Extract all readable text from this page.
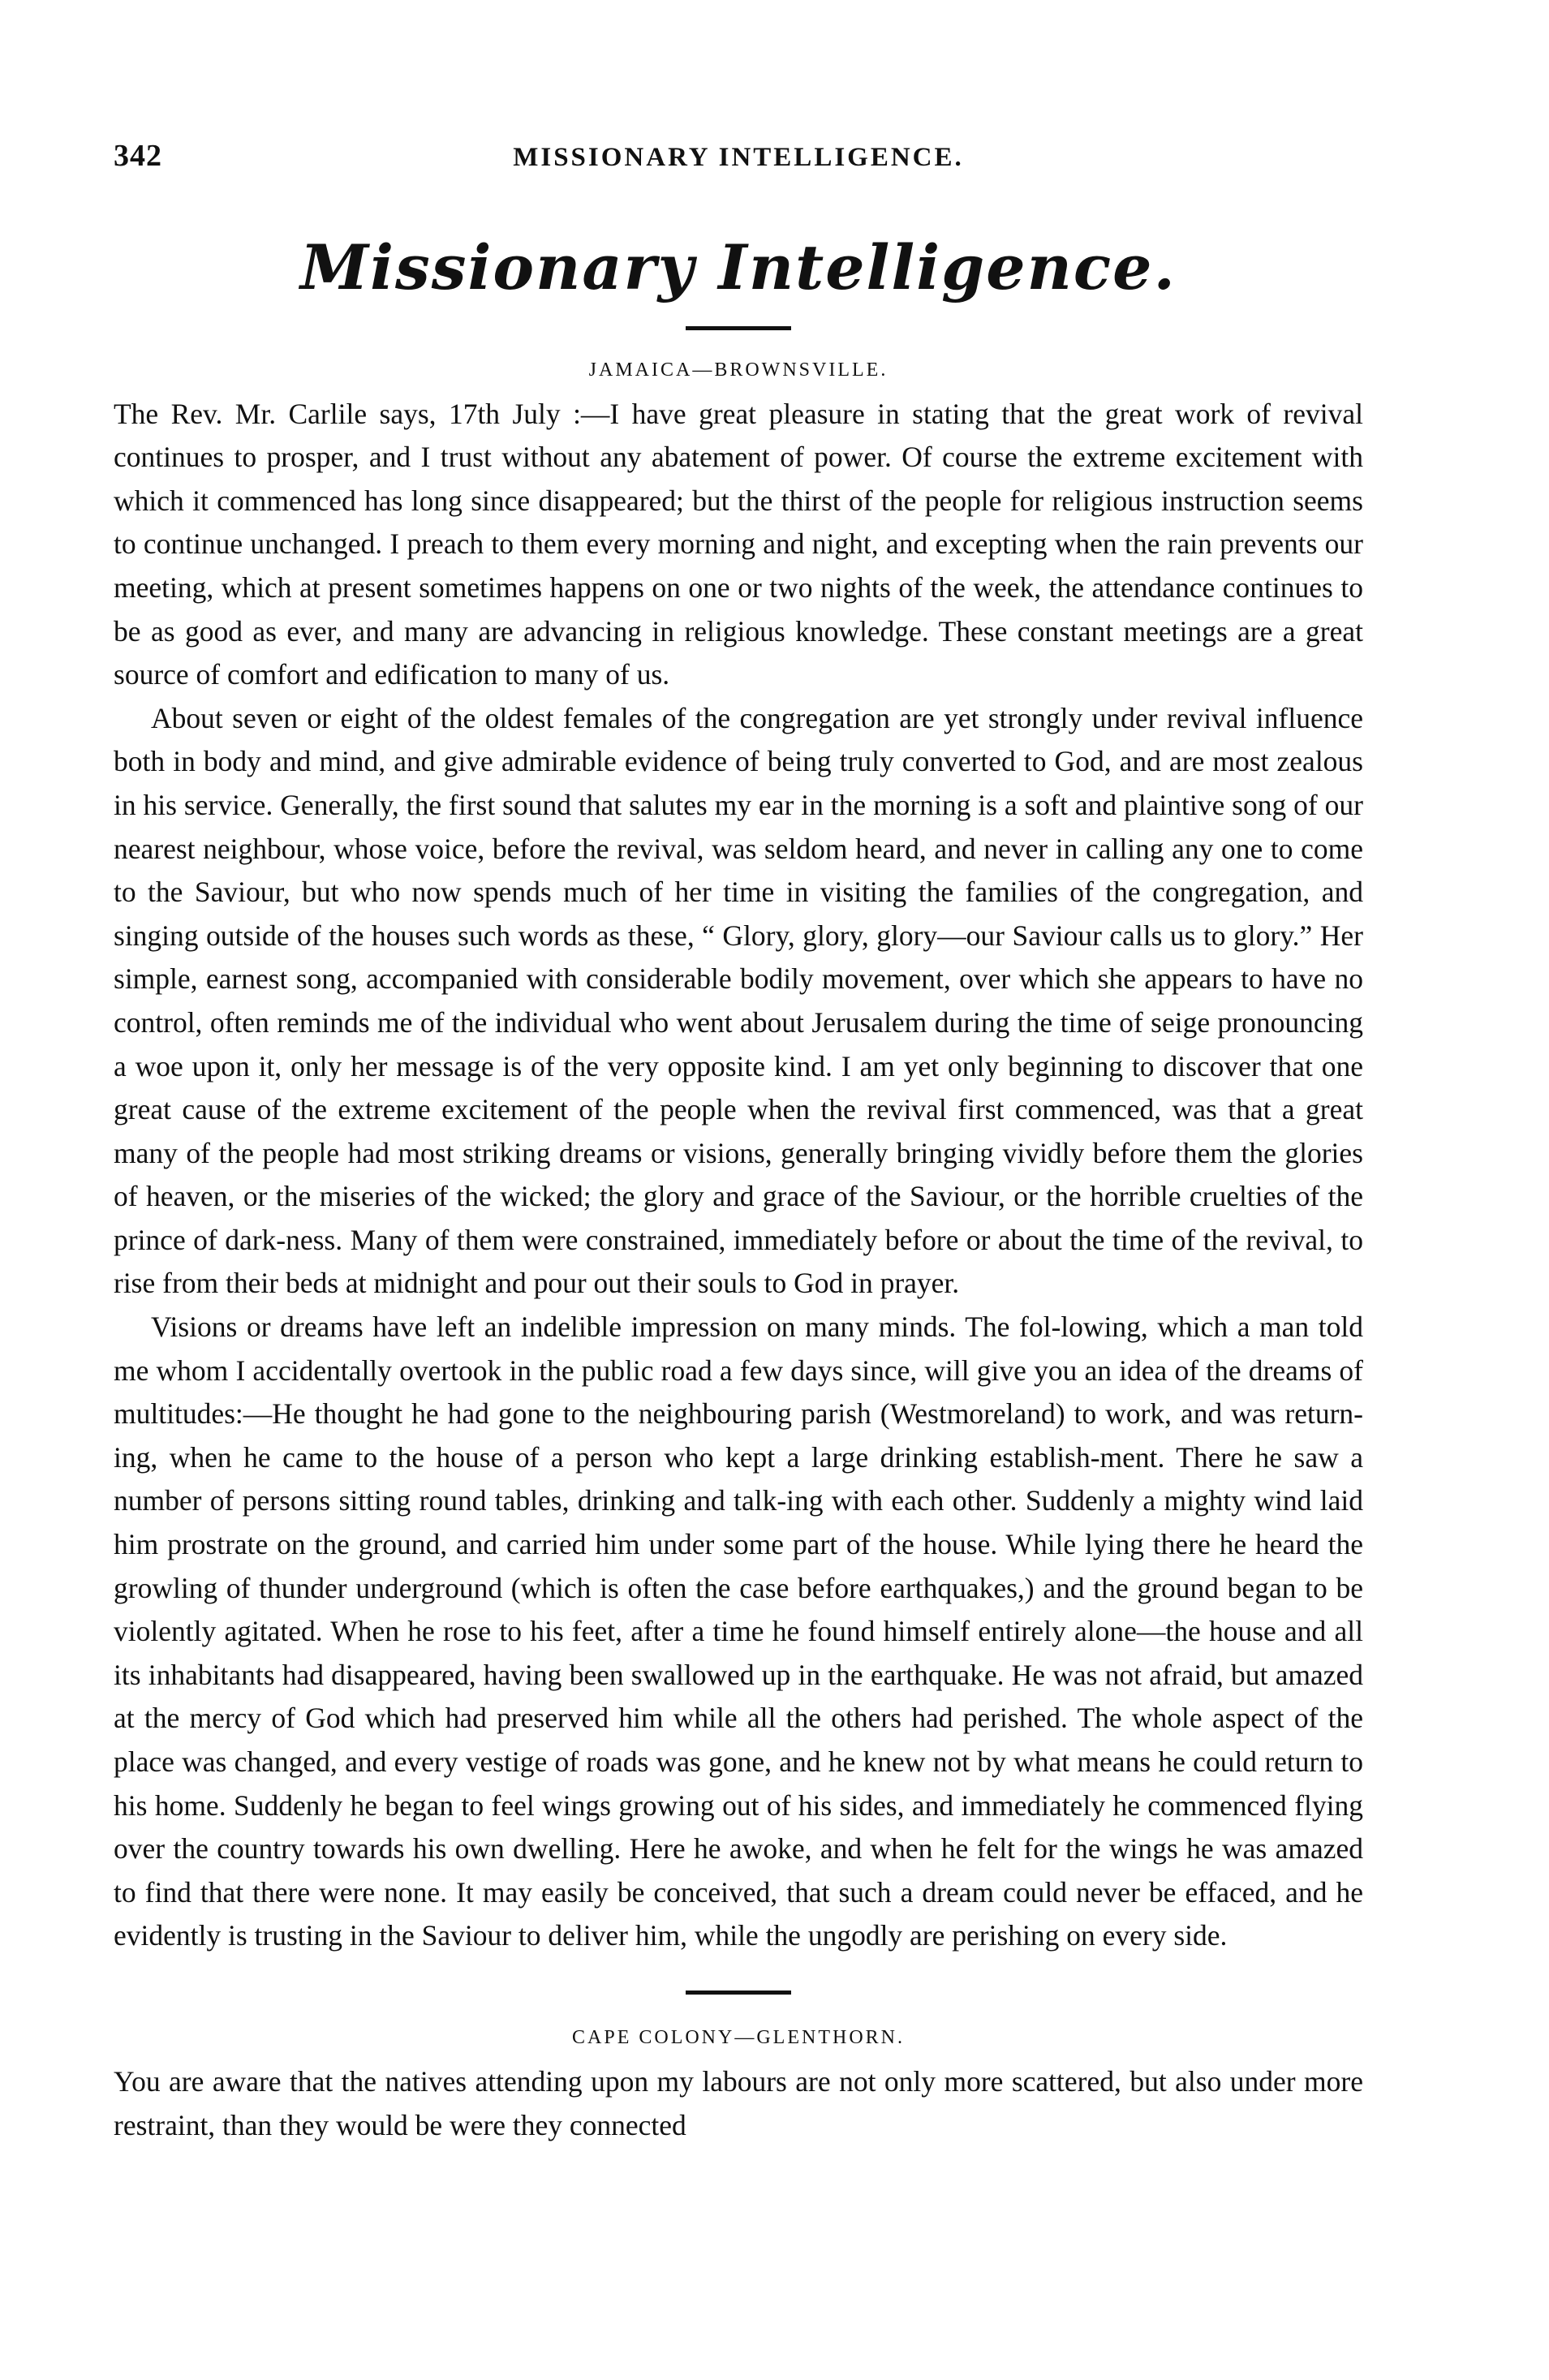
342	MISSIONARY INTELLIGENCE.
Missionary Intelligence.
JAMAICA—BROWNSVILLE.

The Rev. Mr. Carlile says, 17th July :—I have great pleasure in stating that the great work of revival continues to prosper, and I trust without any abatement of power. Of course the extreme excitement with which it commenced has long since disappeared; but the thirst of the people for religious instruction seems to continue unchanged. I preach to them every morning and night, and excepting when the rain prevents our meeting, which at present sometimes happens on one or two nights of the week, the attendance continues to be as good as ever, and many are advancing in religious knowledge. These constant meetings are a great source of comfort and edification to many of us.

About seven or eight of the oldest females of the congregation are yet strongly under revival influence both in body and mind, and give admirable evidence of being truly converted to God, and are most zealous in his service. Generally, the first sound that salutes my ear in the morning is a soft and plaintive song of our nearest neighbour, whose voice, before the revival, was seldom heard, and never in calling any one to come to the Saviour, but who now spends much of her time in visiting the families of the congregation, and singing outside of the houses such words as these, “ Glory, glory, glory—our Saviour calls us to glory.” Her simple, earnest song, accompanied with considerable bodily movement, over which she appears to have no control, often reminds me of the individual who went about Jerusalem during the time of seige pronouncing a woe upon it, only her message is of the very opposite kind. I am yet only beginning to discover that one great cause of the extreme excitement of the people when the revival first commenced, was that a great many of the people had most striking dreams or visions, generally bringing vividly before them the glories of heaven, or the miseries of the wicked; the glory and grace of the Saviour, or the horrible cruelties of the prince of dark-ness. Many of them were constrained, immediately before or about the time of the revival, to rise from their beds at midnight and pour out their souls to God in prayer.

Visions or dreams have left an indelible impression on many minds. The fol-lowing, which a man told me whom I accidentally overtook in the public road a few days since, will give you an idea of the dreams of multitudes:—He thought he had gone to the neighbouring parish (Westmoreland) to work, and was return-ing, when he came to the house of a person who kept a large drinking establish-ment. There he saw a number of persons sitting round tables, drinking and talk-ing with each other. Suddenly a mighty wind laid him prostrate on the ground, and carried him under some part of the house. While lying there he heard the growling of thunder underground (which is often the case before earthquakes,) and the ground began to be violently agitated. When he rose to his feet, after a time he found himself entirely alone—the house and all its inhabitants had disappeared, having been swallowed up in the earthquake. He was not afraid, but amazed at the mercy of God which had preserved him while all the others had perished. The whole aspect of the place was changed, and every vestige of roads was gone, and he knew not by what means he could return to his home. Suddenly he began to feel wings growing out of his sides, and immediately he commenced flying over the country towards his own dwelling. Here he awoke, and when he felt for the wings he was amazed to find that there were none. It may easily be conceived, that such a dream could never be effaced, and he evidently is trusting in the Saviour to deliver him, while the ungodly are perishing on every side.

CAPE COLONY—GLENTHORN.

You are aware that the natives attending upon my labours are not only more scattered, but also under more restraint, than they would be were they connected
